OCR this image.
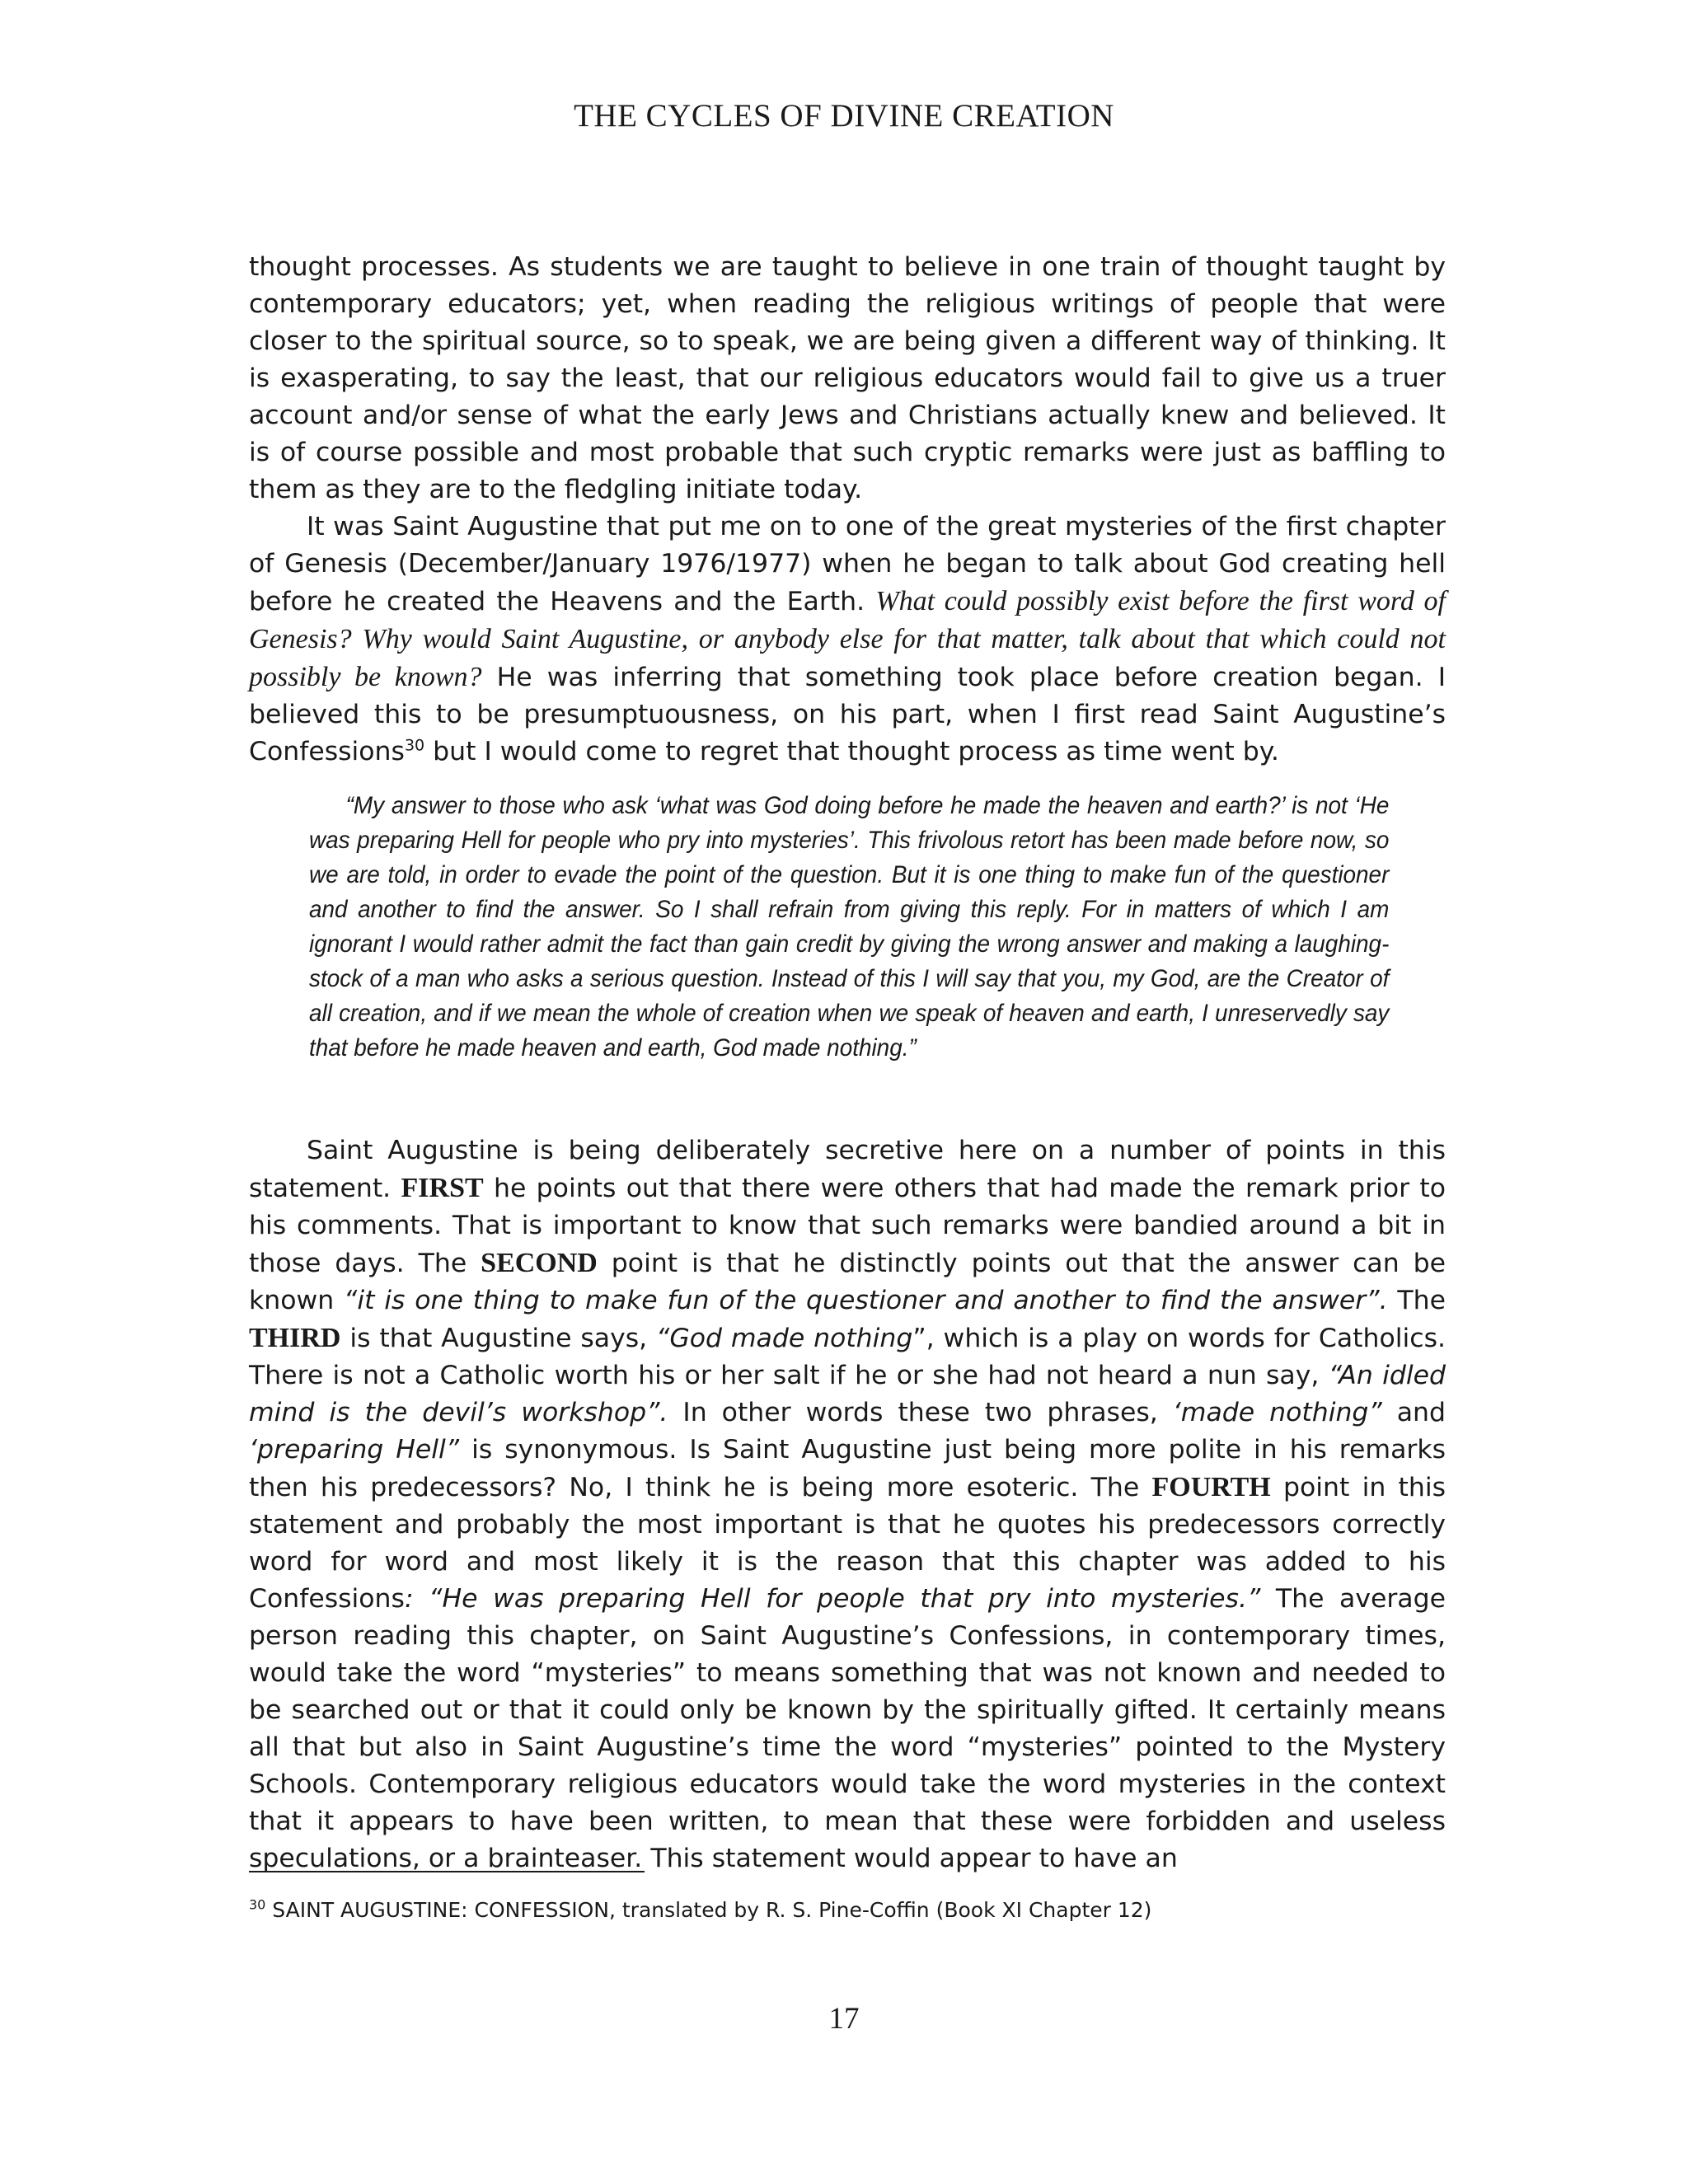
THE CYCLES OF DIVINE CREATION

thought processes. As students we are taught to believe in one train of thought taught by contemporary educators; yet, when reading the religious writings of people that were closer to the spiritual source, so to speak, we are being given a different way of thinking. It is exasperating, to say the least, that our religious educators would fail to give us a truer account and/or sense of what the early Jews and Christians actually knew and believed. It is of course possible and most probable that such cryptic remarks were just as baffling to them as they are to the fledgling initiate today.

It was Saint Augustine that put me on to one of the great mysteries of the first chapter of Genesis (December/January 1976/1977) when he began to talk about God creating hell before he created the Heavens and the Earth. What could possibly exist before the first word of Genesis? Why would Saint Augustine, or anybody else for that matter, talk about that which could not possibly be known? He was inferring that something took place before creation began. I believed this to be presumptuousness, on his part, when I first read Saint Augustine’s Confessions$^{30}$ but I would come to regret that thought process as time went by.

“My answer to those who ask ‘what was God doing before he made the heaven and earth?’ is not ‘He was preparing Hell for people who pry into mysteries’. This frivolous retort has been made before now, so we are told, in order to evade the point of the question. But it is one thing to make fun of the questioner and another to find the answer. So I shall refrain from giving this reply. For in matters of which I am ignorant I would rather admit the fact than gain credit by giving the wrong answer and making a laughing-stock of a man who asks a serious question. Instead of this I will say that you, my God, are the Creator of all creation, and if we mean the whole of creation when we speak of heaven and earth, I unreservedly say that before he made heaven and earth, God made nothing.”

Saint Augustine is being deliberately secretive here on a number of points in this statement. FIRST he points out that there were others that had made the remark prior to his comments. That is important to know that such remarks were bandied around a bit in those days. The SECOND point is that he distinctly points out that the answer can be known “it is one thing to make fun of the questioner and another to find the answer”. The THIRD is that Augustine says, “God made nothing”, which is a play on words for Catholics. There is not a Catholic worth his or her salt if he or she had not heard a nun say, “An idled mind is the devil’s workshop”. In other words these two phrases, ‘made nothing” and ‘preparing Hell” is synonymous. Is Saint Augustine just being more polite in his remarks then his predecessors? No, I think he is being more esoteric. The FOURTH point in this statement and probably the most important is that he quotes his predecessors correctly word for word and most likely it is the reason that this chapter was added to his Confessions: “He was preparing Hell for people that pry into mysteries.” The average person reading this chapter, on Saint Augustine’s Confessions, in contemporary times, would take the word “mysteries” to means something that was not known and needed to be searched out or that it could only be known by the spiritually gifted. It certainly means all that but also in Saint Augustine’s time the word “mysteries” pointed to the Mystery Schools. Contemporary religious educators would take the word mysteries in the context that it appears to have been written, to mean that these were forbidden and useless speculations, or a brainteaser. This statement would appear to have an

$^{30}$ SAINT AUGUSTINE: CONFESSION, translated by R. S. Pine-Coffin (Book XI Chapter 12)

17
